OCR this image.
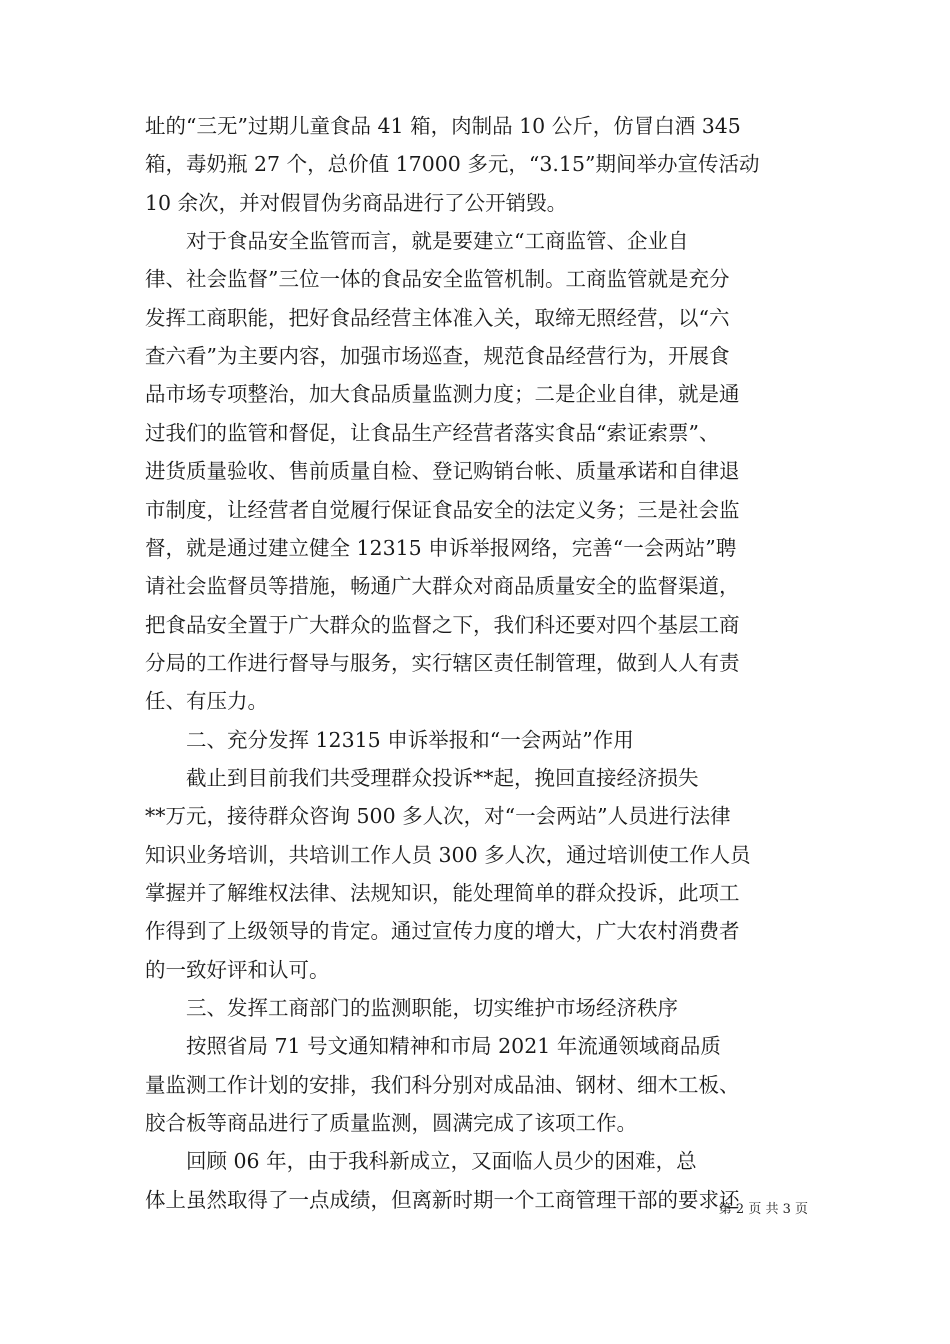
址的“三无”过期儿童食品 41 箱，肉制品 10 公斤，仿冒白酒 345
箱，毒奶瓶 27 个，总价值 17000 多元，“3.15”期间举办宣传活动
10 余次，并对假冒伪劣商品进行了公开销毁。
　　对于食品安全监管而言，就是要建立“工商监管、企业自
律、社会监督”三位一体的食品安全监管机制。工商监管就是充分
发挥工商职能，把好食品经营主体准入关，取缔无照经营，以“六
查六看”为主要内容，加强市场巡查，规范食品经营行为，开展食
品市场专项整治，加大食品质量监测力度；二是企业自律，就是通
过我们的监管和督促，让食品生产经营者落实食品“索证索票”、
进货质量验收、售前质量自检、登记购销台帐、质量承诺和自律退
市制度，让经营者自觉履行保证食品安全的法定义务；三是社会监
督，就是通过建立健全 12315 申诉举报网络，完善“一会两站”聘
请社会监督员等措施，畅通广大群众对商品质量安全的监督渠道，
把食品安全置于广大群众的监督之下，我们科还要对四个基层工商
分局的工作进行督导与服务，实行辖区责任制管理，做到人人有责
任、有压力。
　　二、充分发挥 12315 申诉举报和“一会两站”作用
　　截止到目前我们共受理群众投诉**起，挽回直接经济损失
**万元，接待群众咨询 500 多人次，对“一会两站”人员进行法律
知识业务培训，共培训工作人员 300 多人次，通过培训使工作人员
掌握并了解维权法律、法规知识，能处理简单的群众投诉，此项工
作得到了上级领导的肯定。通过宣传力度的增大，广大农村消费者
的一致好评和认可。
　　三、发挥工商部门的监测职能，切实维护市场经济秩序
　　按照省局 71 号文通知精神和市局 2021 年流通领域商品质
量监测工作计划的安排，我们科分别对成品油、钢材、细木工板、
胶合板等商品进行了质量监测，圆满完成了该项工作。
　　回顾 06 年，由于我科新成立，又面临人员少的困难，总
体上虽然取得了一点成绩，但离新时期一个工商管理干部的要求还
第 2 页 共 3 页
